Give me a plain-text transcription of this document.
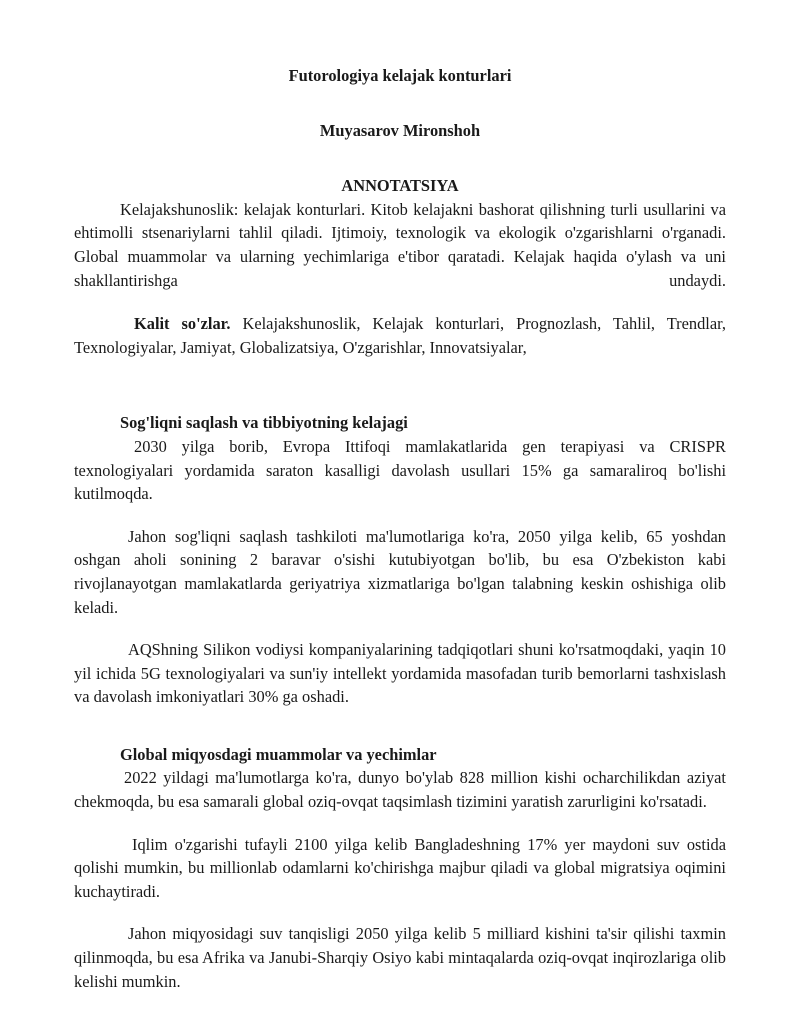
Futorologiya kelajak konturlari

Muyasarov Mironshoh

ANNOTATSIYA

Kelajakshunoslik: kelajak konturlari. Kitob kelajakni bashorat qilishning turli usullarini va ehtimolli stsenariylarni tahlil qiladi. Ijtimoiy, texnologik va ekologik o'zgarishlarni o'rganadi. Global muammolar va ularning yechimlariga e'tibor qaratadi. Kelajak haqida o'ylash va uni shakllantirishga undaydi.

Kalit so'zlar. Kelajakshunoslik, Kelajak konturlari, Prognozlash, Tahlil, Trendlar, Texnologiyalar, Jamiyat, Globalizatsiya, O'zgarishlar, Innovatsiyalar,

Sog'liqni saqlash va tibbiyotning kelajagi

2030 yilga borib, Evropa Ittifoqi mamlakatlarida gen terapiyasi va CRISPR texnologiyalari yordamida saraton kasalligi davolash usullari 15% ga samaraliroq bo'lishi kutilmoqda.

Jahon sog'liqni saqlash tashkiloti ma'lumotlariga ko'ra, 2050 yilga kelib, 65 yoshdan oshgan aholi sonining 2 baravar o'sishi kutubiyotgan bo'lib, bu esa O'zbekiston kabi rivojlanayotgan mamlakatlarda geriyatriya xizmatlariga bo'lgan talabning keskin oshishiga olib keladi.

AQShning Silikon vodiysi kompaniyalarining tadqiqotlari shuni ko'rsatmoqdaki, yaqin 10 yil ichida 5G texnologiyalari va sun'iy intellekt yordamida masofadan turib bemorlarni tashxislash va davolash imkoniyatlari 30% ga oshadi.

Global miqyosdagi muammolar va yechimlar

2022 yildagi ma'lumotlarga ko'ra, dunyo bo'ylab 828 million kishi ocharchilikdan aziyat chekmoqda, bu esa samarali global oziq-ovqat taqsimlash tizimini yaratish zarurligini ko'rsatadi.

Iqlim o'zgarishi tufayli 2100 yilga kelib Bangladeshning 17% yer maydoni suv ostida qolishi mumkin, bu millionlab odamlarni ko'chirishga majbur qiladi va global migratsiya oqimini kuchaytiradi.

Jahon miqyosidagi suv tanqisligi 2050 yilga kelib 5 milliard kishini ta'sir qilishi taxmin qilinmoqda, bu esa Afrika va Janubi-Sharqiy Osiyo kabi mintaqalarda oziq-ovqat inqirozlariga olib kelishi mumkin.
